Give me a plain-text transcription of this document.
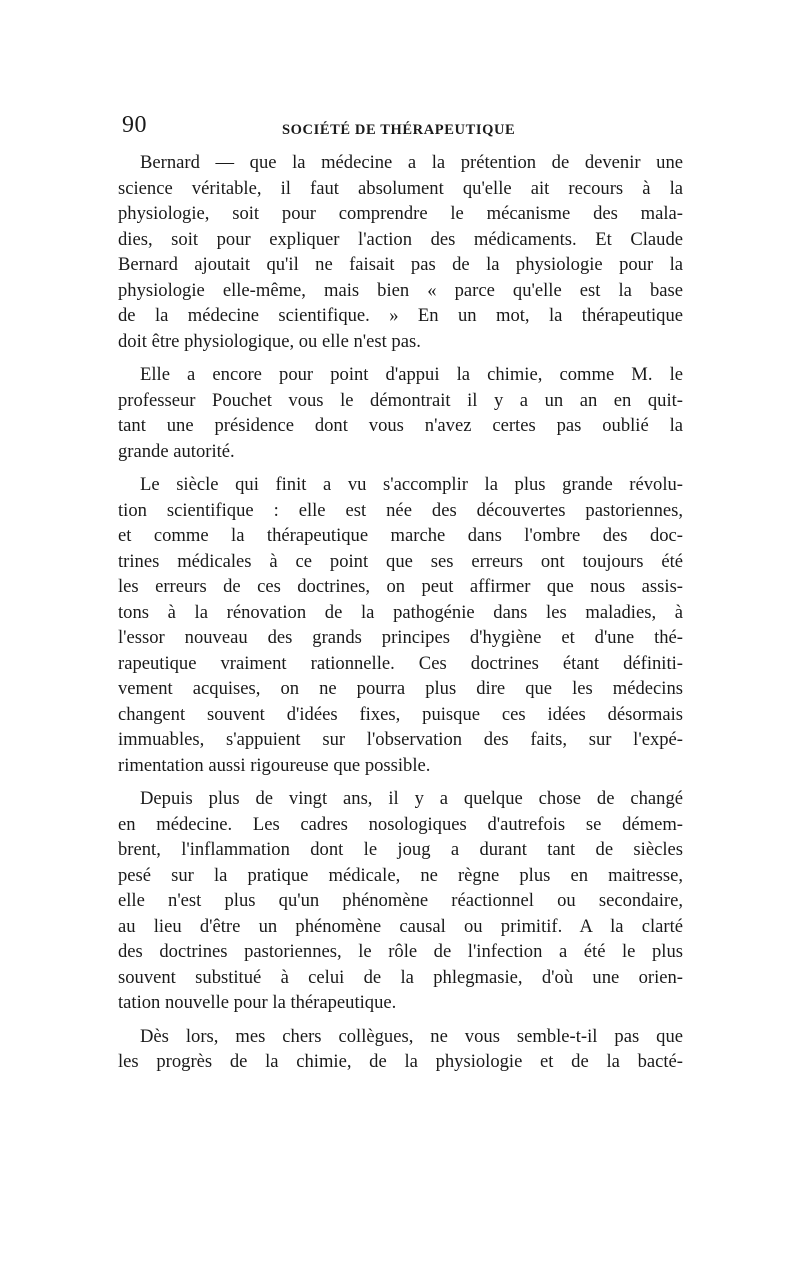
90	SOCIÉTÉ DE THÉRAPEUTIQUE

Bernard — que la médecine a la prétention de devenir une
science véritable, il faut absolument qu'elle ait recours à la
physiologie, soit pour comprendre le mécanisme des mala-
dies, soit pour expliquer l'action des médicaments. Et Claude
Bernard ajoutait qu'il ne faisait pas de la physiologie pour la
physiologie elle-même, mais bien « parce qu'elle est la base
de la médecine scientifique. » En un mot, la thérapeutique
doit être physiologique, ou elle n'est pas.

Elle a encore pour point d'appui la chimie, comme M. le
professeur Pouchet vous le démontrait il y a un an en quit-
tant une présidence dont vous n'avez certes pas oublié la
grande autorité.

Le siècle qui finit a vu s'accomplir la plus grande révolu-
tion scientifique : elle est née des découvertes pastoriennes,
et comme la thérapeutique marche dans l'ombre des doc-
trines médicales à ce point que ses erreurs ont toujours été
les erreurs de ces doctrines, on peut affirmer que nous assis-
tons à la rénovation de la pathogénie dans les maladies, à
l'essor nouveau des grands principes d'hygiène et d'une thé-
rapeutique vraiment rationnelle. Ces doctrines étant définiti-
vement acquises, on ne pourra plus dire que les médecins
changent souvent d'idées fixes, puisque ces idées désormais
immuables, s'appuient sur l'observation des faits, sur l'expé-
rimentation aussi rigoureuse que possible.

Depuis plus de vingt ans, il y a quelque chose de changé
en médecine. Les cadres nosologiques d'autrefois se démem-
brent, l'inflammation dont le joug a durant tant de siècles
pesé sur la pratique médicale, ne règne plus en maitresse,
elle n'est plus qu'un phénomène réactionnel ou secondaire,
au lieu d'être un phénomène causal ou primitif. A la clarté
des doctrines pastoriennes, le rôle de l'infection a été le plus
souvent substitué à celui de la phlegmasie, d'où une orien-
tation nouvelle pour la thérapeutique.

Dès lors, mes chers collègues, ne vous semble-t-il pas que
les progrès de la chimie, de la physiologie et de la bacté-
